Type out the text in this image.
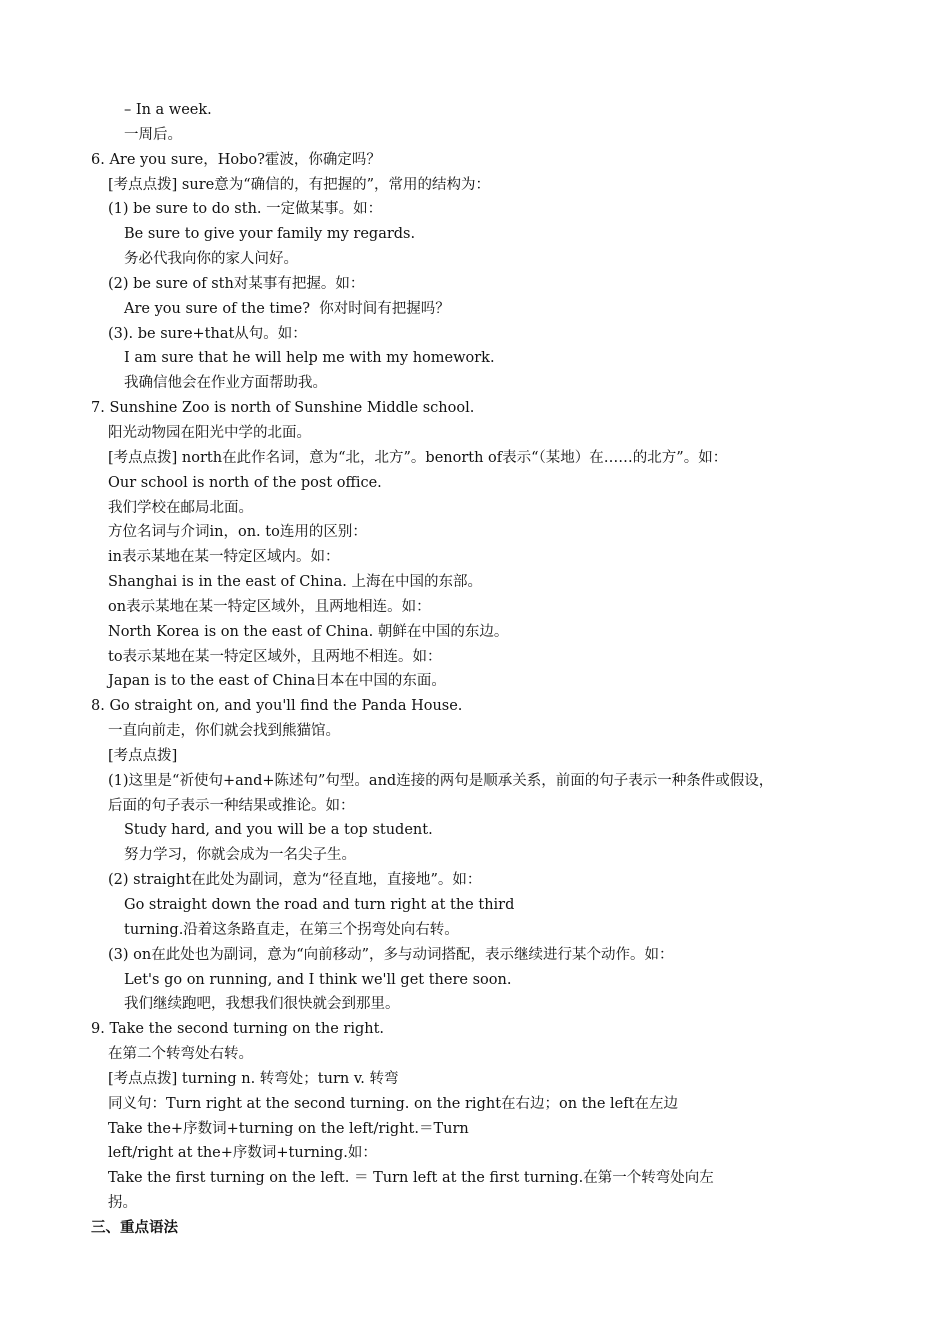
– In a week.
一周后。
6. Are you sure，Hobo?霍波，你确定吗？
[考点点拨] sure意为“确信的，有把握的”，常用的结构为：
(1) be sure to do sth. 一定做某事。如：
Be sure to give your family my regards.
务必代我向你的家人问好。
(2) be sure of sth对某事有把握。如：
Are you sure of the time?  你对时间有把握吗？
(3). be sure+that从句。如：
I am sure that he will help me with my homework.
我确信他会在作业方面帮助我。
7. Sunshine Zoo is north of Sunshine Middle school.
阳光动物园在阳光中学的北面。
[考点点拨] north在此作名词，意为“北，北方”。benorth of表示“（某地）在……的北方”。如：
Our school is north of the post office.
我们学校在邮局北面。
方位名词与介词in，on. to连用的区别：
in表示某地在某一特定区域内。如：
Shanghai is in the east of China. 上海在中国的东部。
on表示某地在某一特定区域外，且两地相连。如：
North Korea is on the east of China. 朝鲜在中国的东边。
to表示某地在某一特定区域外，且两地不相连。如：
Japan is to the east of China日本在中国的东面。
8. Go straight on, and you'll find the Panda House.
一直向前走，你们就会找到熊猫馆。
[考点点拨]
(1)这里是“祈使句+and+陈述句”句型。and连接的两句是顺承关系，前面的句子表示一种条件或假设，
后面的句子表示一种结果或推论。如：
Study hard, and you will be a top student.
努力学习，你就会成为一名尖子生。
(2) straight在此处为副词，意为“径直地，直接地”。如：
Go straight down the road and turn right at the third
turning.沿着这条路直走，在第三个拐弯处向右转。
(3) on在此处也为副词，意为“向前移动”，多与动词搭配，表示继续进行某个动作。如：
Let's go on running, and I think we'll get there soon.
我们继续跑吧，我想我们很快就会到那里。
9. Take the second turning on the right.
在第二个转弯处右转。
[考点点拨] turning n. 转弯处；turn v. 转弯
同义句：Turn right at the second turning. on the right在右边；on the left在左边
Take the+序数词+turning on the left/right.＝Turn
left/right at the+序数词+turning.如：
Take the first turning on the left. ＝ Turn left at the first turning.在第一个转弯处向左
拐。
三、重点语法
